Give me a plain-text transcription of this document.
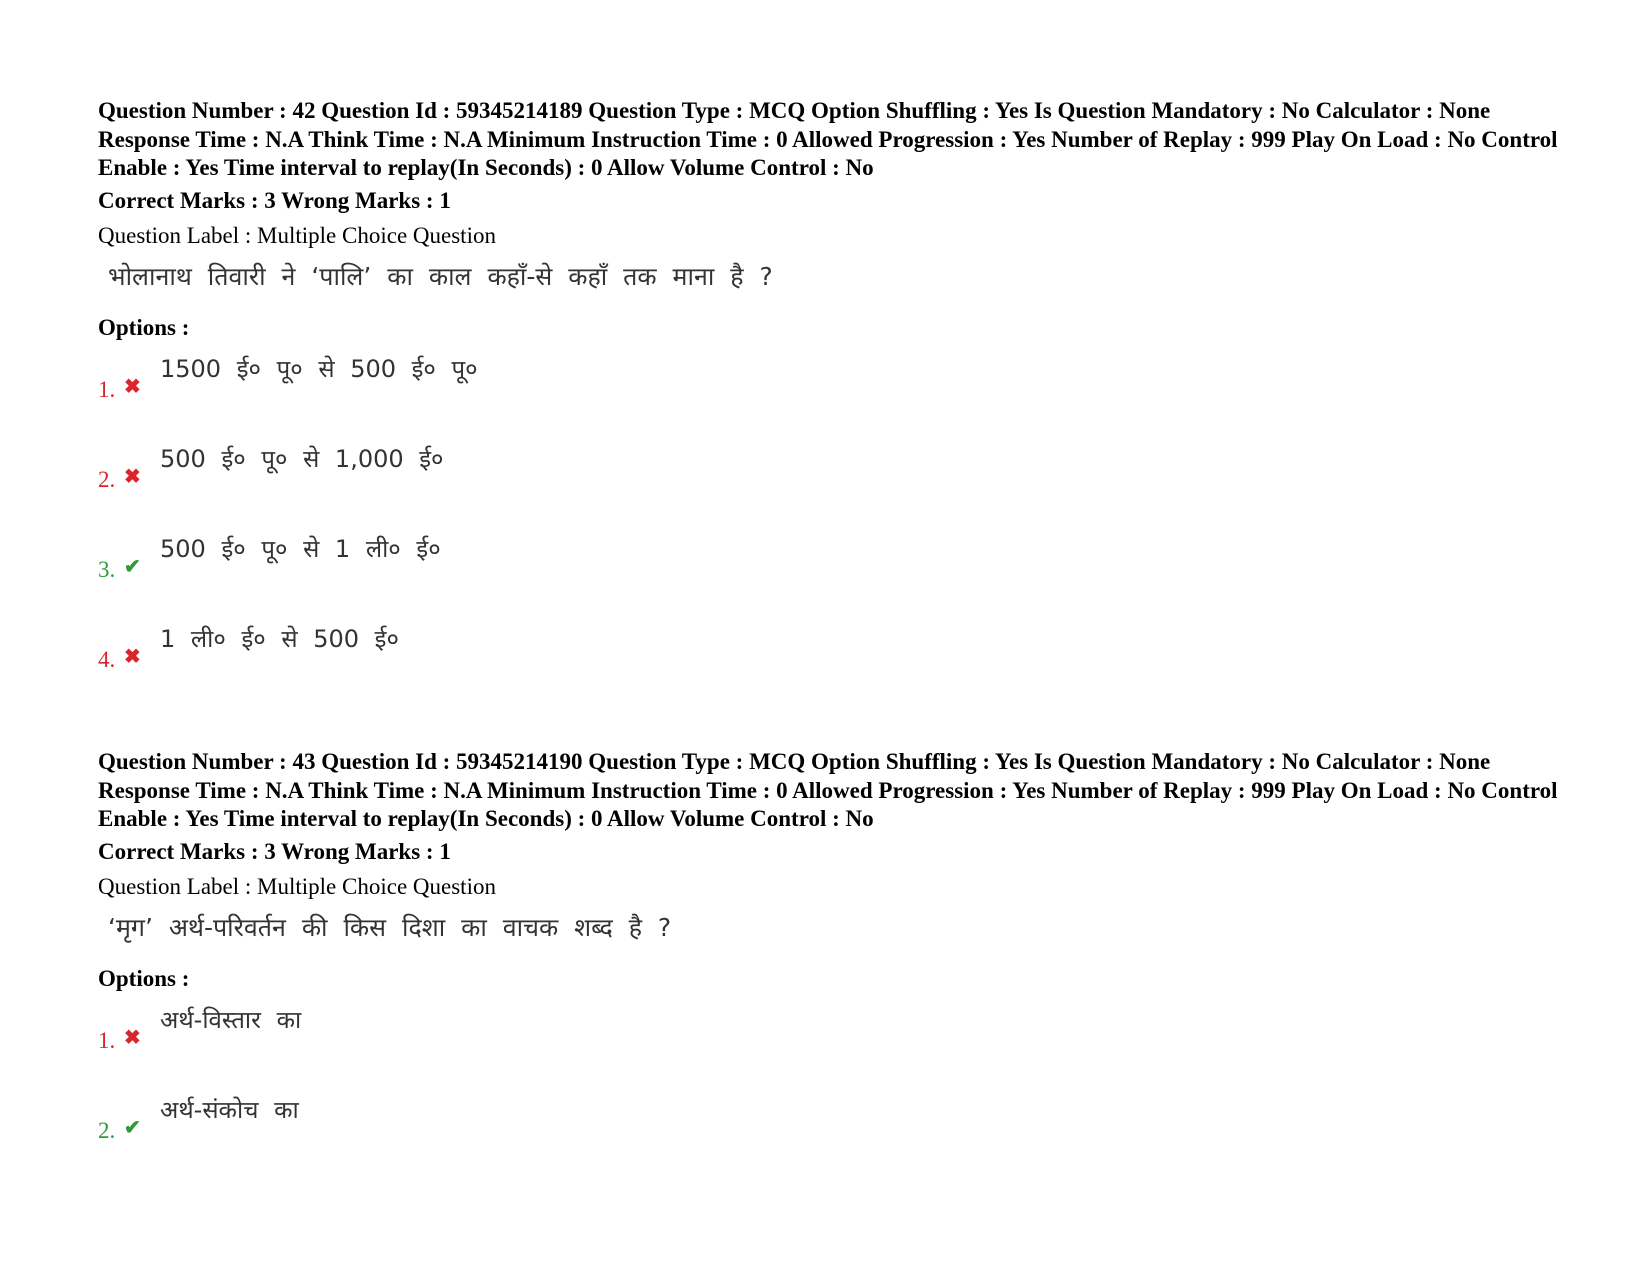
Question Number : 42 Question Id : 59345214189 Question Type : MCQ Option Shuffling : Yes Is Question Mandatory : No Calculator : None Response Time : N.A Think Time : N.A Minimum Instruction Time : 0 Allowed Progression : Yes Number of Replay : 999 Play On Load : No Control Enable : Yes Time interval to replay(In Seconds) : 0 Allow Volume Control : No

Correct Marks : 3 Wrong Marks : 1

Question Label : Multiple Choice Question

भोलानाथ तिवारी ने ‘पालि’ का काल कहाँ-से कहाँ तक माना है ?

Options :

1. ✖
1500 ई० पू० से 500 ई० पू०
2. ✖
500 ई० पू० से 1,000 ई०
3. ✔
500 ई० पू० से 1 ली० ई०
4. ✖
1 ली० ई० से 500 ई०

Question Number : 43 Question Id : 59345214190 Question Type : MCQ Option Shuffling : Yes Is Question Mandatory : No Calculator : None Response Time : N.A Think Time : N.A Minimum Instruction Time : 0 Allowed Progression : Yes Number of Replay : 999 Play On Load : No Control Enable : Yes Time interval to replay(In Seconds) : 0 Allow Volume Control : No

Correct Marks : 3 Wrong Marks : 1

Question Label : Multiple Choice Question

‘मृग’ अर्थ-परिवर्तन की किस दिशा का वाचक शब्द है ?

Options :

1. ✖
अर्थ-विस्तार का
2. ✔
अर्थ-संकोच का
